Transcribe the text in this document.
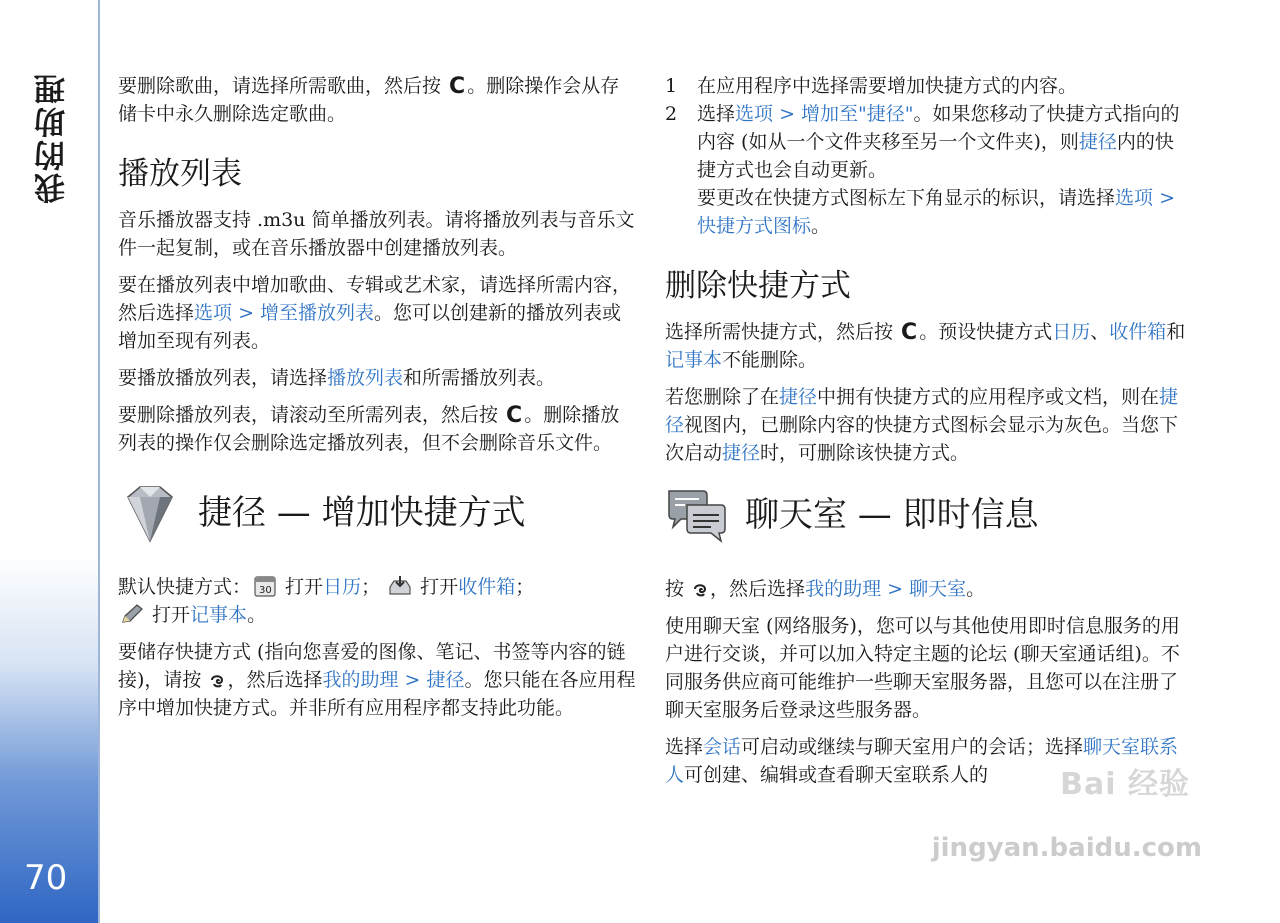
我的助理
70

要删除歌曲，请选择所需歌曲，然后按 C 。删除操作会从存储卡中永久删除选定歌曲。

播放列表

音乐播放器支持 .m3u 简单播放列表。请将播放列表与音乐文件一起复制，或在音乐播放器中创建播放列表。

要在播放列表中增加歌曲、专辑或艺术家，请选择所需内容，然后选择选项 > 增至播放列表。您可以创建新的播放列表或增加至现有列表。

要播放播放列表，请选择播放列表和所需播放列表。

要删除播放列表，请滚动至所需列表，然后按 C 。删除播放列表的操作仅会删除选定播放列表，但不会删除音乐文件。

捷径 — 增加快捷方式

默认快捷方式： 30 打开日历；  打开收件箱；
打开记事本。

要储存快捷方式 (指向您喜爱的图像、笔记、书签等内容的链接)，请按 ，然后选择我的助理 > 捷径。您只能在各应用程序中增加快捷方式。并非所有应用程序都支持此功能。

1 在应用程序中选择需要增加快捷方式的内容。
2 选择选项 > 增加至"捷径"。如果您移动了快捷方式指向的内容 (如从一个文件夹移至另一个文件夹)，则捷径内的快捷方式也会自动更新。
要更改在快捷方式图标左下角显示的标识，请选择选项 > 快捷方式图标。
删除快捷方式

选择所需快捷方式，然后按 C 。预设快捷方式日历、收件箱和记事本不能删除。

若您删除了在捷径中拥有快捷方式的应用程序或文档，则在捷径视图内，已删除内容的快捷方式图标会显示为灰色。当您下次启动捷径时，可删除该快捷方式。

聊天室 — 即时信息

按 ，然后选择我的助理 > 聊天室。

使用聊天室 (网络服务)，您可以与其他使用即时信息服务的用户进行交谈，并可以加入特定主题的论坛 (聊天室通话组)。不同服务供应商可能维护一些聊天室服务器，且您可以在注册了聊天室服务后登录这些服务器。

选择会话可启动或继续与聊天室用户的会话；选择聊天室联系人可创建、编辑或查看聊天室联系人的	Bai 经验
jingyan.baidu.com
